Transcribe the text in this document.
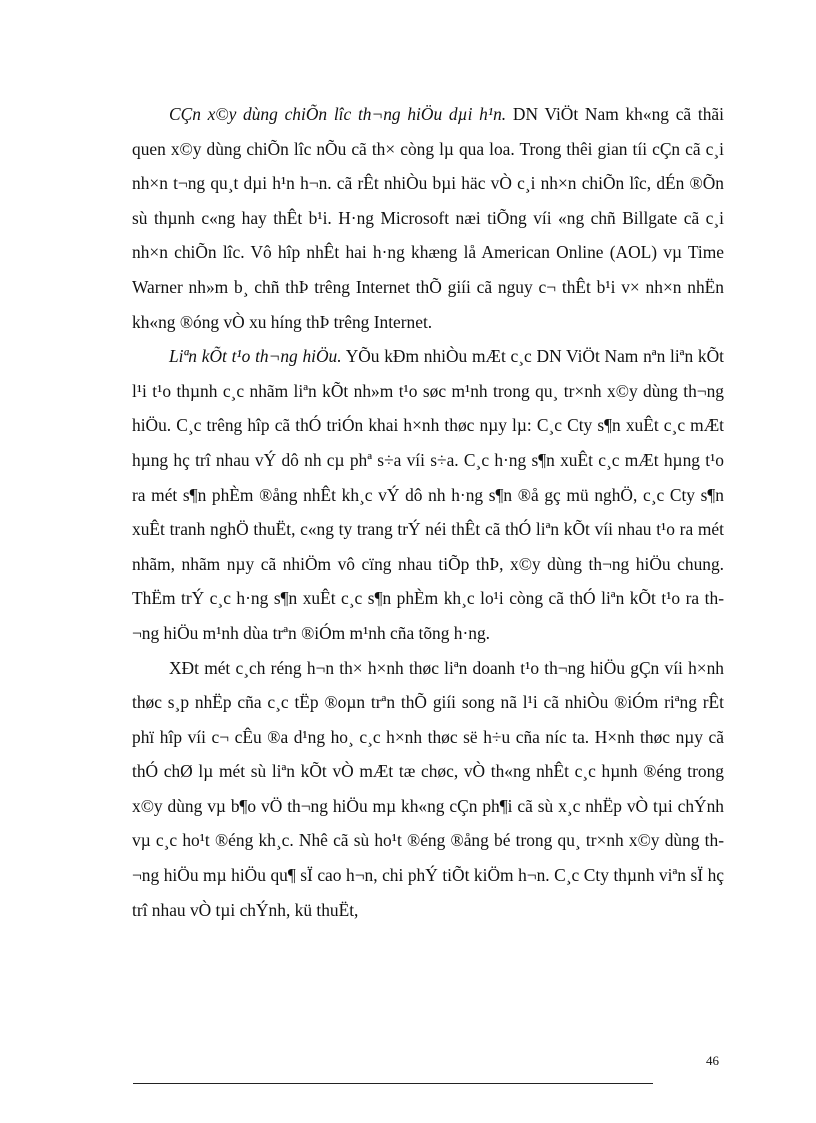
CÇn x©y dùng chiÕn lîc th¬ng hiÖu dµi h¹n. DN ViÖt Nam kh«ng cã thãi quen x©y dùng chiÕn lîc nÕu cã th× còng lµ qua loa. Trong thêi gian tíi cÇn cã c¸i nh×n t¬ng qu¸t dµi h¹n h¬n. cã rÊt nhiÒu bµi häc vÒ c¸i nh×n chiÕn lîc, dÉn ®Õn sù thµnh c«ng hay thÊt b¹i. H·ng Microsoft næi tiÕng víi «ng chñ Billgate cã c¸i nh×n chiÕn lîc. Vô hîp nhÊt hai h·ng khæng lå American Online (AOL) vµ Time Warner nh»m b¸ chñ thÞ trêng Internet thÕ giíi cã nguy c¬ thÊt b¹i v× nh×n nhËn kh«ng ®óng vÒ xu híng thÞ trêng Internet.

Liªn kÕt t¹o th¬ng hiÖu. YÕu kÐm nhiÒu mÆt c¸c DN ViÖt Nam nªn liªn kÕt l¹i t¹o thµnh c¸c nhãm liªn kÕt nh»m t¹o søc m¹nh trong qu¸ tr×nh x©y dùng th¬ng hiÖu. C¸c trêng hîp cã thÓ triÓn khai h×nh thøc nµy lµ: C¸c Cty s¶n xuÊt c¸c mÆt hµng hç trî nhau vÝ dô nh cµ phª s÷a víi s÷a. C¸c h·ng s¶n xuÊt c¸c mÆt hµng t¹o ra mét s¶n phÈm ®ång nhÊt kh¸c vÝ dô nh h·ng s¶n ®å gç mü nghÖ, c¸c Cty s¶n xuÊt tranh nghÖ thuËt, c«ng ty trang trÝ néi thÊt cã thÓ liªn kÕt víi nhau t¹o ra mét nhãm, nhãm nµy cã nhiÖm vô cïng nhau tiÕp thÞ, x©y dùng th¬ng hiÖu chung. ThËm trÝ c¸c h·ng s¶n xuÊt c¸c s¶n phÈm kh¸c lo¹i còng cã thÓ liªn kÕt t¹o ra th¬ng hiÖu m¹nh dùa trªn ®iÓm m¹nh cña tõng h·ng.

XÐt mét c¸ch réng h¬n th× h×nh thøc liªn doanh t¹o th¬ng hiÖu gÇn víi h×nh thøc s¸p nhËp cña c¸c tËp ®oµn trªn thÕ giíi song nã l¹i cã nhiÒu ®iÓm riªng rÊt phï hîp víi c¬ cÊu ®a d¹ng ho¸ c¸c h×nh thøc së h÷u cña níc ta. H×nh thøc nµy cã thÓ chØ lµ mét sù liªn kÕt vÒ mÆt tæ chøc, vÒ th«ng nhÊt c¸c hµnh ®éng trong x©y dùng vµ b¶o vÖ th¬ng hiÖu mµ kh«ng cÇn ph¶i cã sù x¸c nhËp vÒ tµi chÝnh vµ c¸c ho¹t ®éng kh¸c. Nhê cã sù ho¹t ®éng ®ång bé trong qu¸ tr×nh x©y dùng th¬ng hiÖu mµ hiÖu qu¶ sÏ cao h¬n, chi phÝ tiÕt kiÖm h¬n. C¸c Cty thµnh viªn sÏ hç trî nhau vÒ tµi chÝnh, kü thuËt,

46
